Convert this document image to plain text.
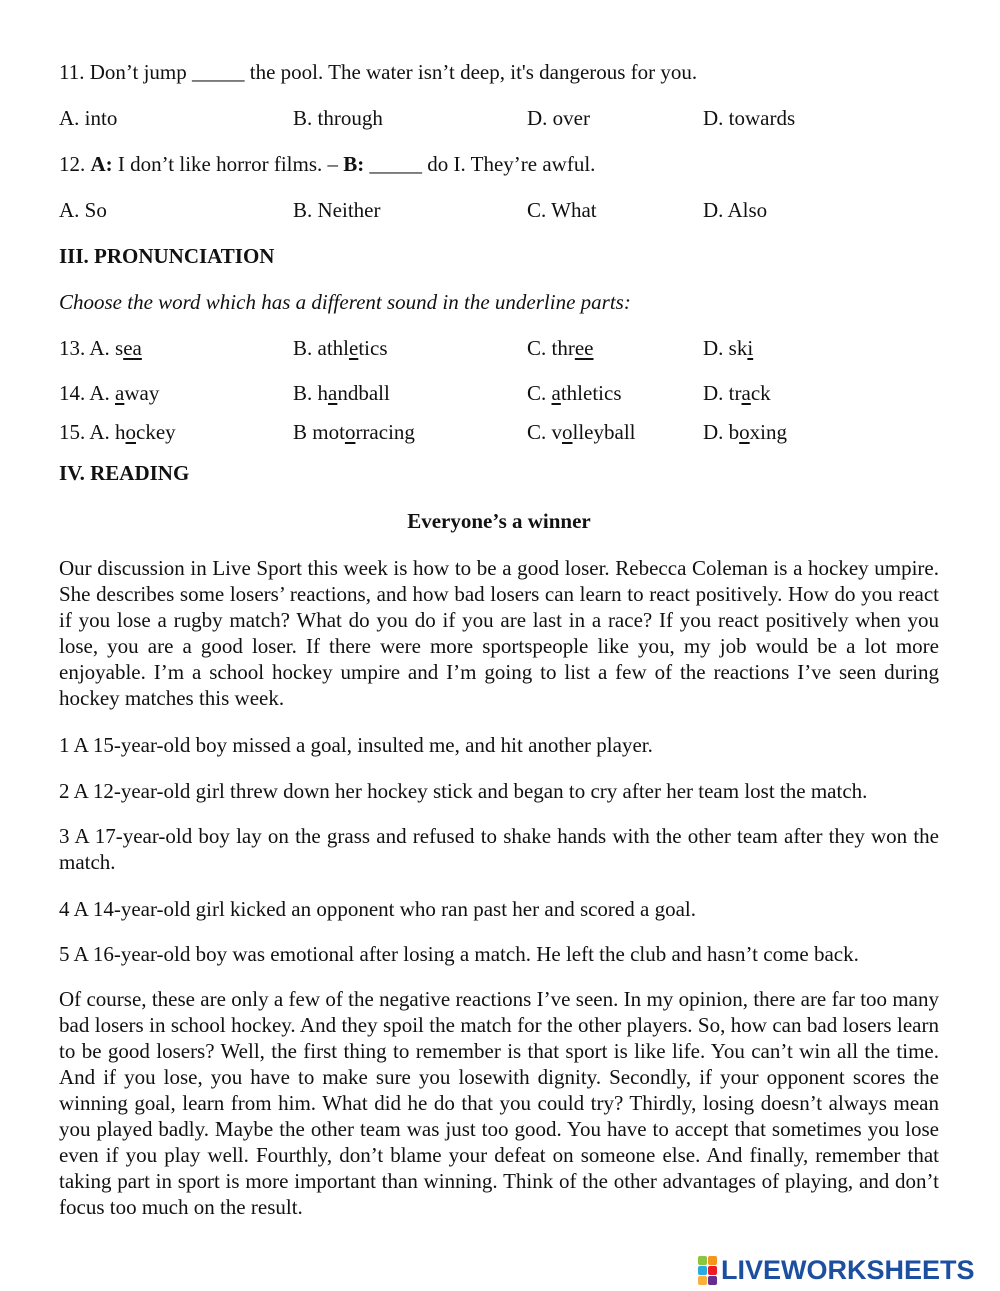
11. Don’t jump _____ the pool. The water isn’t deep, it's dangerous for you.
A. into	B. through	D. over	D. towards
12. A: I don’t like horror films. – B: _____ do I. They’re awful.
A. So	B. Neither	C. What	D. Also
III. PRONUNCIATION
Choose the word which has a different sound in the underline parts:
13. A. sea	B. athletics	C. three	D. ski
14. A. away	B. handball	C. athletics	D. track
15. A. hockey	B motorracing	C. volleyball	D. boxing
IV. READING
Everyone’s a winner
Our discussion in Live Sport this week is how to be a good loser. Rebecca Coleman is a hockey umpire. She describes some losers’ reactions, and how bad losers can learn to react positively. How do you react if you lose a rugby match? What do you do if you are last in a race? If you react positively when you lose, you are a good loser. If there were more sportspeople like you, my job would be a lot more enjoyable. I’m a school hockey umpire and I’m going to list a few of the reactions I’ve seen during hockey matches this week.
1 A 15-year-old boy missed a goal, insulted me, and hit another player.
2 A 12-year-old girl threw down her hockey stick and began to cry after her team lost the match.
3 A 17-year-old boy lay on the grass and refused to shake hands with the other team after they won the match.
4 A 14-year-old girl kicked an opponent who ran past her and scored a goal.
5 A 16-year-old boy was emotional after losing a match. He left the club and hasn’t come back.
Of course, these are only a few of the negative reactions I’ve seen. In my opinion, there are far too many bad losers in school hockey. And they spoil the match for the other players. So, how can bad losers learn to be good losers? Well, the first thing to remember is that sport is like life. You can’t win all the time. And if you lose, you have to make sure you losewith dignity. Secondly, if your opponent scores the winning goal, learn from him. What did he do that you could try? Thirdly, losing doesn’t always mean you played badly. Maybe the other team was just too good. You have to accept that sometimes you lose even if you play well. Fourthly, don’t blame your defeat on someone else. And finally, remember that taking part in sport is more important than winning. Think of the other advantages of playing, and don’t focus too much on the result.
LIVEWORKSHEETS
